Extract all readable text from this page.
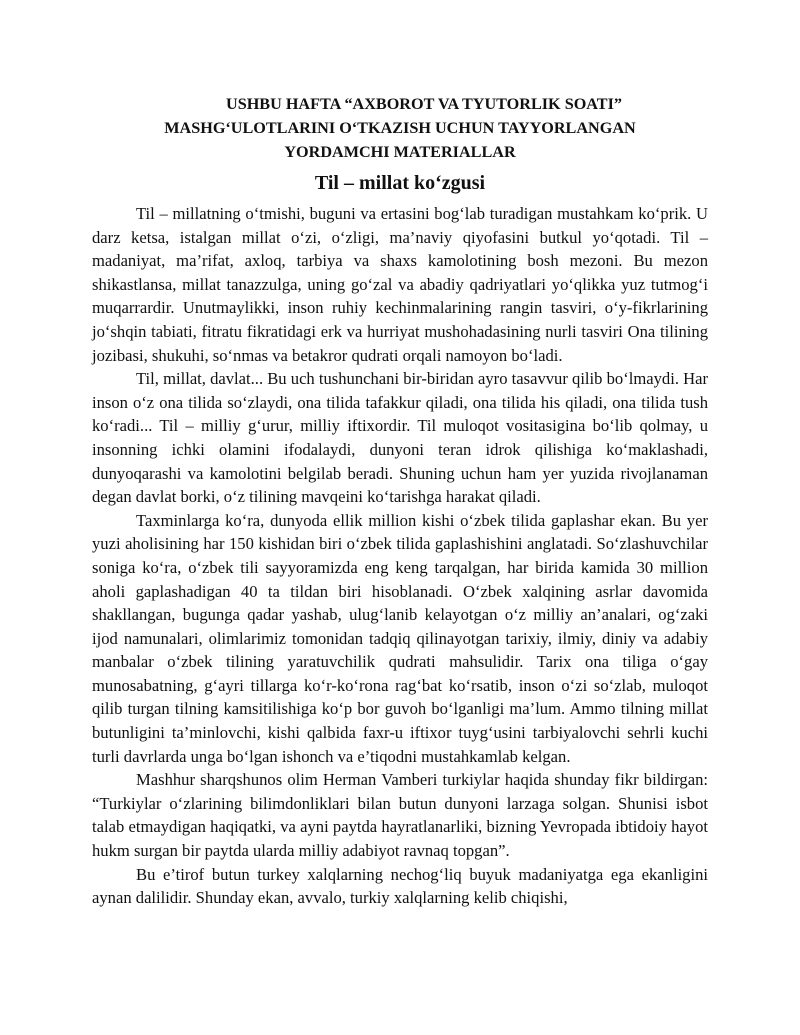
USHBU HAFTA “AXBOROT VA TYUTORLIK SOATI”
MASHG‘ULOTLARINI O‘TKAZISH UCHUN TAYYORLANGAN
YORDAMCHI MATERIALLAR
Til – millat ko‘zgusi

Til – millatning o‘tmishi, buguni va ertasini bog‘lab turadigan mustahkam ko‘prik. U darz ketsa, istalgan millat o‘zi, o‘zligi, ma’naviy qiyofasini butkul yo‘qotadi. Til – madaniyat, ma’rifat, axloq, tarbiya va shaxs kamolotining bosh mezoni. Bu mezon shikastlansa, millat tanazzulga, uning go‘zal va abadiy qadriyatlari yo‘qlikka yuz tutmog‘i muqarrardir. Unutmaylikki, inson ruhiy kechinmalarining rangin tasviri, o‘y-fikrlarining jo‘shqin tabiati, fitratu fikratidagi erk va hurriyat mushohadasining nurli tasviri Ona tilining jozibasi, shukuhi, so‘nmas va betakror qudrati orqali namoyon bo‘ladi.

Til, millat, davlat... Bu uch tushunchani bir-biridan ayro tasavvur qilib bo‘lmaydi. Har inson o‘z ona tilida so‘zlaydi, ona tilida tafakkur qiladi, ona tilida his qiladi, ona tilida tush ko‘radi... Til – milliy g‘urur, milliy iftixordir. Til muloqot vositasigina bo‘lib qolmay, u insonning ichki olamini ifodalaydi, dunyoni teran idrok qilishiga ko‘maklashadi, dunyoqarashi va kamolotini belgilab beradi. Shuning uchun ham yer yuzida rivojlanaman degan davlat borki, o‘z tilining mavqeini ko‘tarishga harakat qiladi.

Taxminlarga ko‘ra, dunyoda ellik million kishi o‘zbek tilida gaplashar ekan. Bu yer yuzi aholisining har 150 kishidan biri o‘zbek tilida gaplashishini anglatadi. So‘zlashuvchilar soniga ko‘ra, o‘zbek tili sayyoramizda eng keng tarqalgan, har birida kamida 30 million aholi gaplashadigan 40 ta tildan biri hisoblanadi. O‘zbek xalqining asrlar davomida shakllangan, bugunga qadar yashab, ulug‘lanib kelayotgan o‘z milliy an’analari, og‘zaki ijod namunalari, olimlarimiz tomonidan tadqiq qilinayotgan tarixiy, ilmiy, diniy va adabiy manbalar o‘zbek tilining yaratuvchilik qudrati mahsulidir. Tarix ona tiliga o‘gay munosabatning, g‘ayri tillarga ko‘r-ko‘rona rag‘bat ko‘rsatib, inson o‘zi so‘zlab, muloqot qilib turgan tilning kamsitilishiga ko‘p bor guvoh bo‘lganligi ma’lum. Ammo tilning millat butunligini ta’minlovchi, kishi qalbida faxr-u iftixor tuyg‘usini tarbiyalovchi sehrli kuchi turli davrlarda unga bo‘lgan ishonch va e’tiqodni mustahkamlab kelgan.

Mashhur sharqshunos olim Herman Vamberi turkiylar haqida shunday fikr bildirgan: “Turkiylar o‘zlarining bilimdonliklari bilan butun dunyoni larzaga solgan. Shunisi isbot talab etmaydigan haqiqatki, va ayni paytda hayratlanarliki, bizning Yevropada ibtidoiy hayot hukm surgan bir paytda ularda milliy adabiyot ravnaq topgan”.

Bu e’tirof butun turkey xalqlarning nechog‘liq buyuk madaniyatga ega ekanligini aynan dalilidir. Shunday ekan, avvalo, turkiy xalqlarning kelib chiqishi,
